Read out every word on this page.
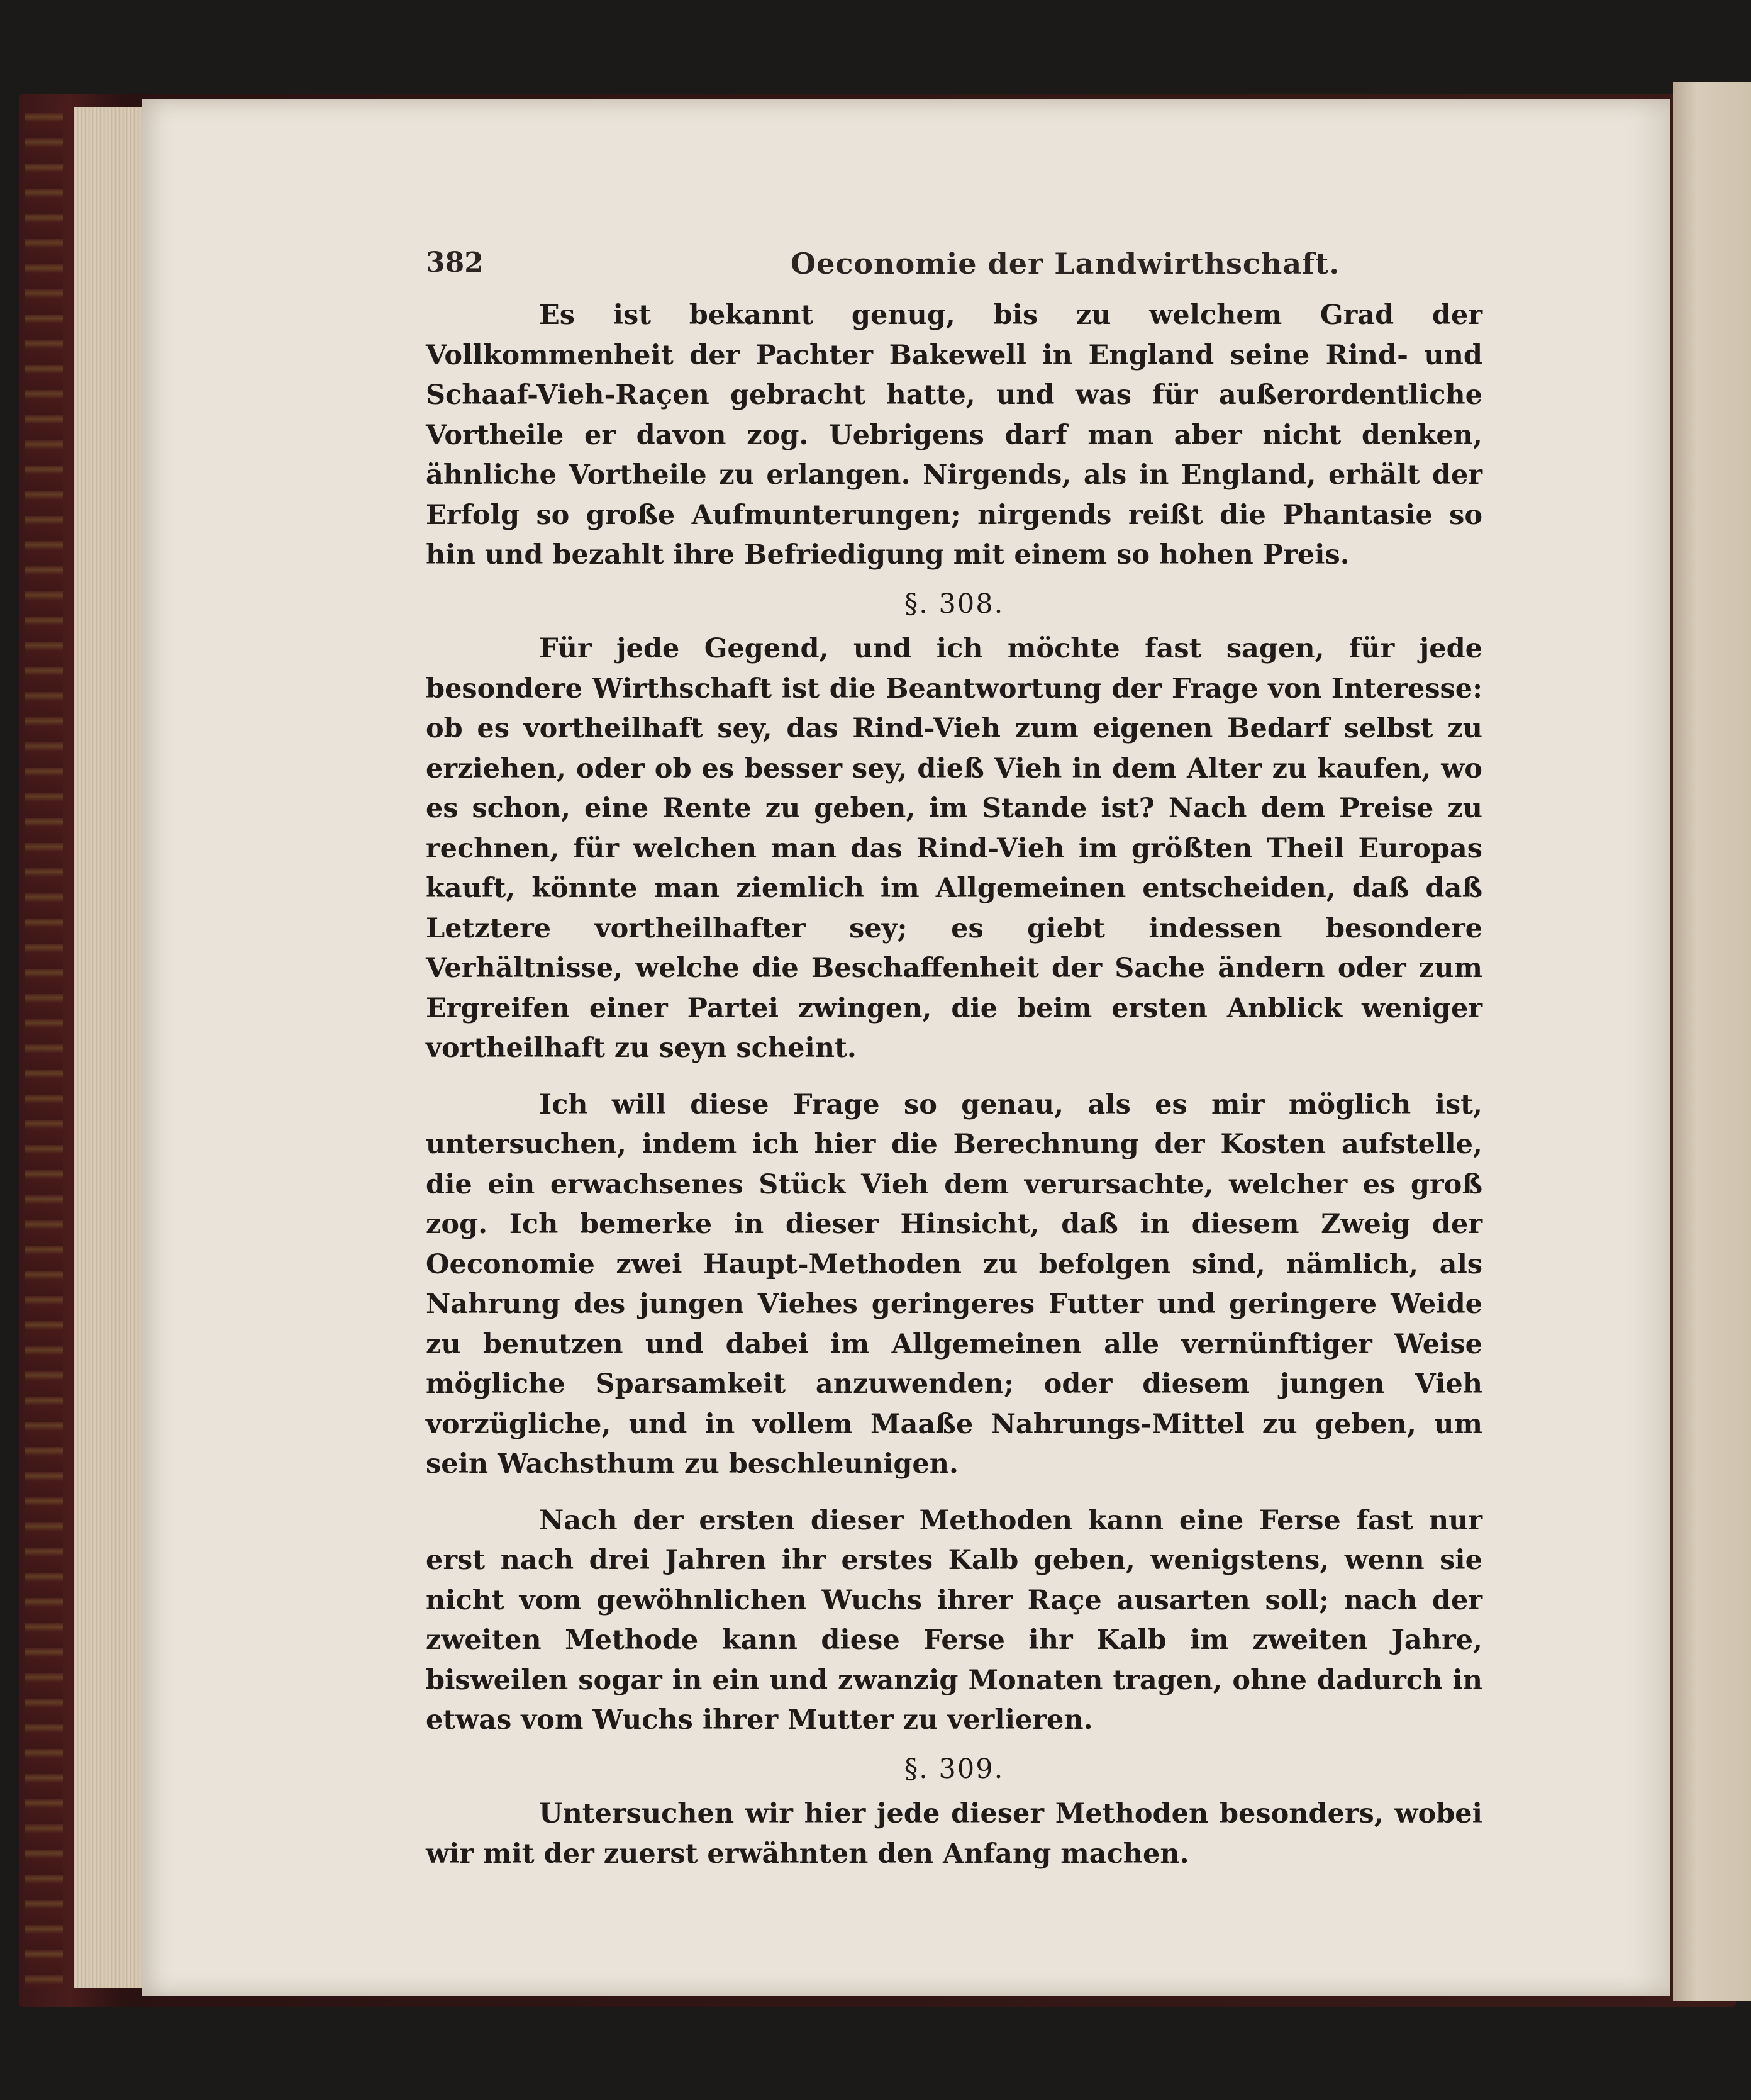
382	Oeconomie der Landwirthschaft.

Es ist bekannt genug, bis zu welchem Grad der Vollkommenheit der Pachter Bakewell in England seine Rind- und Schaaf-Vieh-Raçen gebracht hatte, und was für außerordentliche Vortheile er davon zog. Uebrigens darf man aber nicht denken, ähnliche Vortheile zu erlangen. Nirgends, als in England, erhält der Erfolg so große Aufmunterungen; nirgends reißt die Phantasie so hin und bezahlt ihre Befriedigung mit einem so hohen Preis.

§. 308.

Für jede Gegend, und ich möchte fast sagen, für jede besondere Wirthschaft ist die Beantwortung der Frage von Interesse: ob es vortheilhaft sey, das Rind-Vieh zum eigenen Bedarf selbst zu erziehen, oder ob es besser sey, dieß Vieh in dem Alter zu kaufen, wo es schon, eine Rente zu geben, im Stande ist? Nach dem Preise zu rechnen, für welchen man das Rind-Vieh im größten Theil Europas kauft, könnte man ziemlich im Allgemeinen entscheiden, daß daß Letztere vortheilhafter sey; es giebt indessen besondere Verhältnisse, welche die Beschaffenheit der Sache ändern oder zum Ergreifen einer Partei zwingen, die beim ersten Anblick weniger vortheilhaft zu seyn scheint.

Ich will diese Frage so genau, als es mir möglich ist, untersuchen, indem ich hier die Berechnung der Kosten aufstelle, die ein erwachsenes Stück Vieh dem verursachte, welcher es groß zog. Ich bemerke in dieser Hinsicht, daß in diesem Zweig der Oeconomie zwei Haupt-Methoden zu befolgen sind, nämlich, als Nahrung des jungen Viehes geringeres Futter und geringere Weide zu benutzen und dabei im Allgemeinen alle vernünftiger Weise mögliche Sparsamkeit anzuwenden; oder diesem jungen Vieh vorzügliche, und in vollem Maaße Nahrungs-Mittel zu geben, um sein Wachsthum zu beschleunigen.

Nach der ersten dieser Methoden kann eine Ferse fast nur erst nach drei Jahren ihr erstes Kalb geben, wenigstens, wenn sie nicht vom gewöhnlichen Wuchs ihrer Raçe ausarten soll; nach der zweiten Methode kann diese Ferse ihr Kalb im zweiten Jahre, bisweilen sogar in ein und zwanzig Monaten tragen, ohne dadurch in etwas vom Wuchs ihrer Mutter zu verlieren.

§. 309.

Untersuchen wir hier jede dieser Methoden besonders, wobei wir mit der zuerst erwähnten den Anfang machen.
